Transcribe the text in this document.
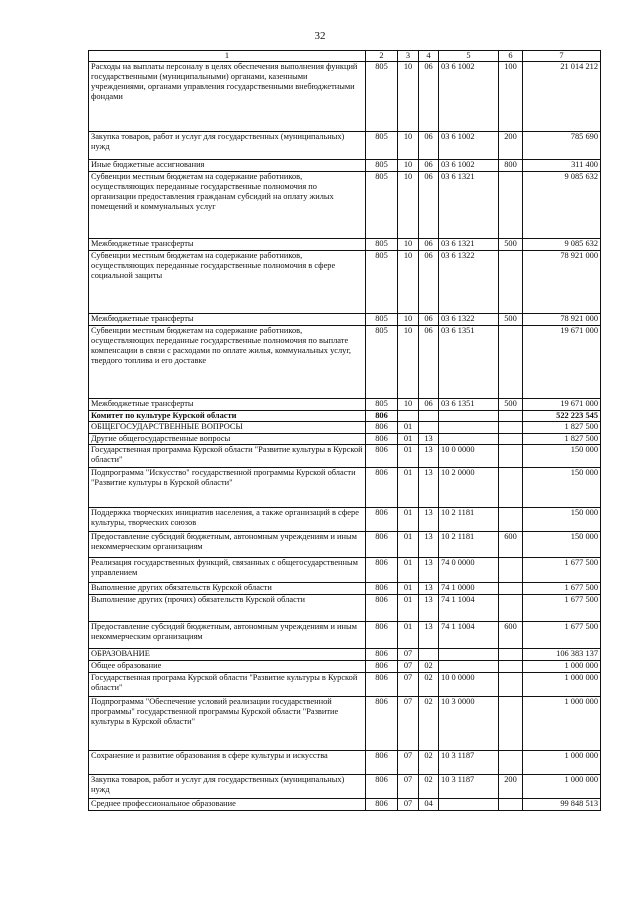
32
1	2	3	4	5	6	7
Расходы на выплаты персоналу в целях обеспечения выполнения функций государственными (муниципальными) органами, казенными учреждениями, органами управления государственными внебюджетными фондами	805	10	06	03 6 1002	100	21 014 212
Закупка товаров, работ и услуг для государственных (муниципальных) нужд	805	10	06	03 6 1002	200	785 690
Иные бюджетные ассигнования	805	10	06	03 6 1002	800	311 400
Субвенции местным бюджетам на содержание работников, осуществляющих переданные государственные полномочия по организации предоставления гражданам субсидий на оплату жилых помещений и коммунальных услуг	805	10	06	03 6 1321		9 085 632
Межбюджетные трансферты	805	10	06	03 6 1321	500	9 085 632
Субвенции местным бюджетам на содержание работников, осуществляющих переданные государственные полномочия в сфере социальной защиты	805	10	06	03 6 1322		78 921 000
Межбюджетные трансферты	805	10	06	03 6 1322	500	78 921 000
Субвенции местным бюджетам на содержание работников, осуществляющих переданные государственные полномочия по выплате компенсации в связи с расходами по оплате жилья, коммунальных услуг, твердого топлива и его доставке	805	10	06	03 6 1351		19 671 000
Межбюджетные трансферты	805	10	06	03 6 1351	500	19 671 000
Комитет по культуре Курской области	806					522 223 545
ОБЩЕГОСУДАРСТВЕННЫЕ ВОПРОСЫ	806	01				1 827 500
Другие общегосударственные вопросы	806	01	13			1 827 500
Государственная программа Курской области "Развитие культуры в Курской области"	806	01	13	10 0 0000		150 000
Подпрограмма "Искусство" государственной программы Курской области "Развитие культуры в Курской области"	806	01	13	10 2 0000		150 000
Поддержка творческих инициатив населения, а также организаций в сфере культуры, творческих союзов	806	01	13	10 2 1181		150 000
Предоставление субсидий бюджетным, автономным учреждениям и иным некоммерческим организациям	806	01	13	10 2 1181	600	150 000
Реализация государственных функций, связанных с общегосударственным управлением	806	01	13	74 0 0000		1 677 500
Выполнение других обязательств Курской области	806	01	13	74 1 0000		1 677 500
Выполнение других (прочих) обязательств Курской области	806	01	13	74 1 1004		1 677 500
Предоставление субсидий бюджетным, автономным учреждениям и иным некоммерческим организациям	806	01	13	74 1 1004	600	1 677 500
ОБРАЗОВАНИЕ	806	07				106 383 137
Общее образование	806	07	02			1 000 000
Государственная програма Курской области "Развитие культуры в Курской области"	806	07	02	10 0 0000		1 000 000
Подпрограмма "Обеспечение условий реализации государственной программы" государственной программы Курской области "Развитие культуры в Курской области"	806	07	02	10 3 0000		1 000 000
Сохранение и развитие образования в сфере культуры и искусства	806	07	02	10 3 1187		1 000 000
Закупка товаров, работ и услуг для государственных (муниципальных) нужд	806	07	02	10 3 1187	200	1 000 000
Среднее профессиональное образование	806	07	04			99 848 513
